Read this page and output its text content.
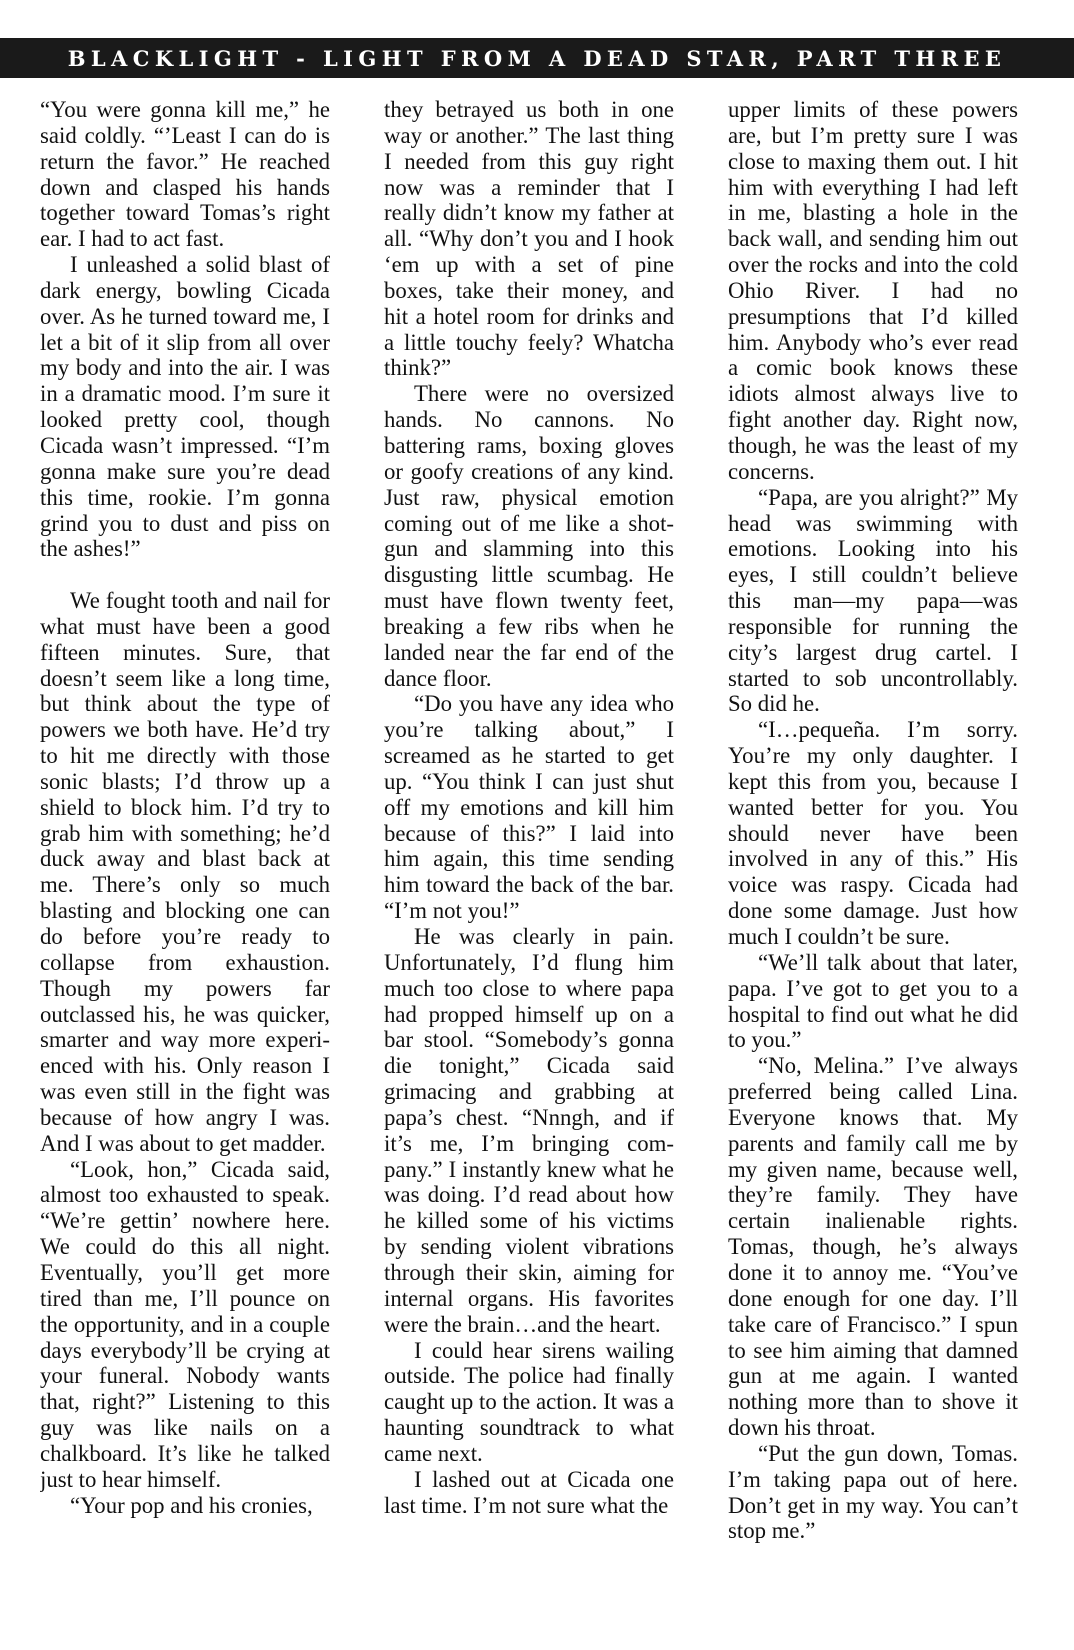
BLACKLIGHT - LIGHT FROM A DEAD STAR, PART THREE

“You were gonna kill me,” he said coldly. “’Least I can do is return the favor.” He reached down and clasped his hands together toward Tomas’s right ear. I had to act fast.

I unleashed a solid blast of dark energy, bowling Cicada over. As he turned toward me, I let a bit of it slip from all over my body and into the air. I was in a dramatic mood. I’m sure it looked pretty cool, though Cicada wasn’t impressed. “I’m gonna make sure you’re dead this time, rookie. I’m gonna grind you to dust and piss on the ashes!”

We fought tooth and nail for what must have been a good fifteen minutes. Sure, that doesn’t seem like a long time, but think about the type of powers we both have. He’d try to hit me directly with those sonic blasts; I’d throw up a shield to block him. I’d try to grab him with something; he’d duck away and blast back at me. There’s only so much blasting and blocking one can do before you’re ready to collapse from exhaustion. Though my powers far outclassed his, he was quicker, smarter and way more experienced with his. Only reason I was even still in the fight was because of how angry I was. And I was about to get madder.

“Look, hon,” Cicada said, almost too exhausted to speak. “We’re gettin’ nowhere here. We could do this all night. Eventually, you’ll get more tired than me, I’ll pounce on the opportunity, and in a couple days everybody’ll be crying at your funeral. Nobody wants that, right?” Listening to this guy was like nails on a chalkboard. It’s like he talked just to hear himself.

“Your pop and his cronies,

they betrayed us both in one way or another.” The last thing I needed from this guy right now was a reminder that I really didn’t know my father at all. “Why don’t you and I hook ‘em up with a set of pine boxes, take their money, and hit a hotel room for drinks and a little touchy feely? Whatcha think?”

There were no oversized hands. No cannons. No battering rams, boxing gloves or goofy creations of any kind. Just raw, physical emotion coming out of me like a shotgun and slamming into this disgusting little scumbag. He must have flown twenty feet, breaking a few ribs when he landed near the far end of the dance floor.

“Do you have any idea who you’re talking about,” I screamed as he started to get up. “You think I can just shut off my emotions and kill him because of this?” I laid into him again, this time sending him toward the back of the bar. “I’m not you!”

He was clearly in pain. Unfortunately, I’d flung him much too close to where papa had propped himself up on a bar stool. “Somebody’s gonna die tonight,” Cicada said grimacing and grabbing at papa’s chest. “Nnngh, and if it’s me, I’m bringing company.” I instantly knew what he was doing. I’d read about how he killed some of his victims by sending violent vibrations through their skin, aiming for internal organs. His favorites were the brain…and the heart.

I could hear sirens wailing outside. The police had finally caught up to the action. It was a haunting soundtrack to what came next.

I lashed out at Cicada one last time. I’m not sure what the

upper limits of these powers are, but I’m pretty sure I was close to maxing them out. I hit him with everything I had left in me, blasting a hole in the back wall, and sending him out over the rocks and into the cold Ohio River. I had no presumptions that I’d killed him. Anybody who’s ever read a comic book knows these idiots almost always live to fight another day. Right now, though, he was the least of my concerns.

“Papa, are you alright?” My head was swimming with emotions. Looking into his eyes, I still couldn’t believe this man—my papa—was responsible for running the city’s largest drug cartel. I started to sob uncontrollably. So did he.

“I…pequeña. I’m sorry. You’re my only daughter. I kept this from you, because I wanted better for you. You should never have been involved in any of this.” His voice was raspy. Cicada had done some damage. Just how much I couldn’t be sure.

“We’ll talk about that later, papa. I’ve got to get you to a hospital to find out what he did to you.”

“No, Melina.” I’ve always preferred being called Lina. Everyone knows that. My parents and family call me by my given name, because well, they’re family. They have certain inalienable rights. Tomas, though, he’s always done it to annoy me. “You’ve done enough for one day. I’ll take care of Francisco.” I spun to see him aiming that damned gun at me again. I wanted nothing more than to shove it down his throat.

“Put the gun down, Tomas. I’m taking papa out of here. Don’t get in my way. You can’t stop me.”
